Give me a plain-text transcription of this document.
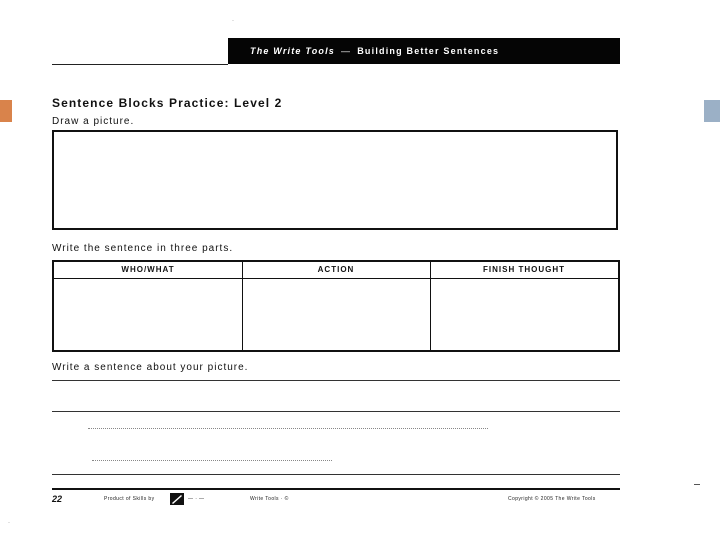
The Write Tools — Building Better Sentences
Sentence Blocks Practice: Level 2
Draw a picture.
Write the sentence in three parts.
WHO/WHAT	ACTION	FINISH THOUGHT
Write a sentence about your picture.
22	Product of Skills by	— · —	Write Tools · ©	Copyright © 2005 The Write Tools
·
·
